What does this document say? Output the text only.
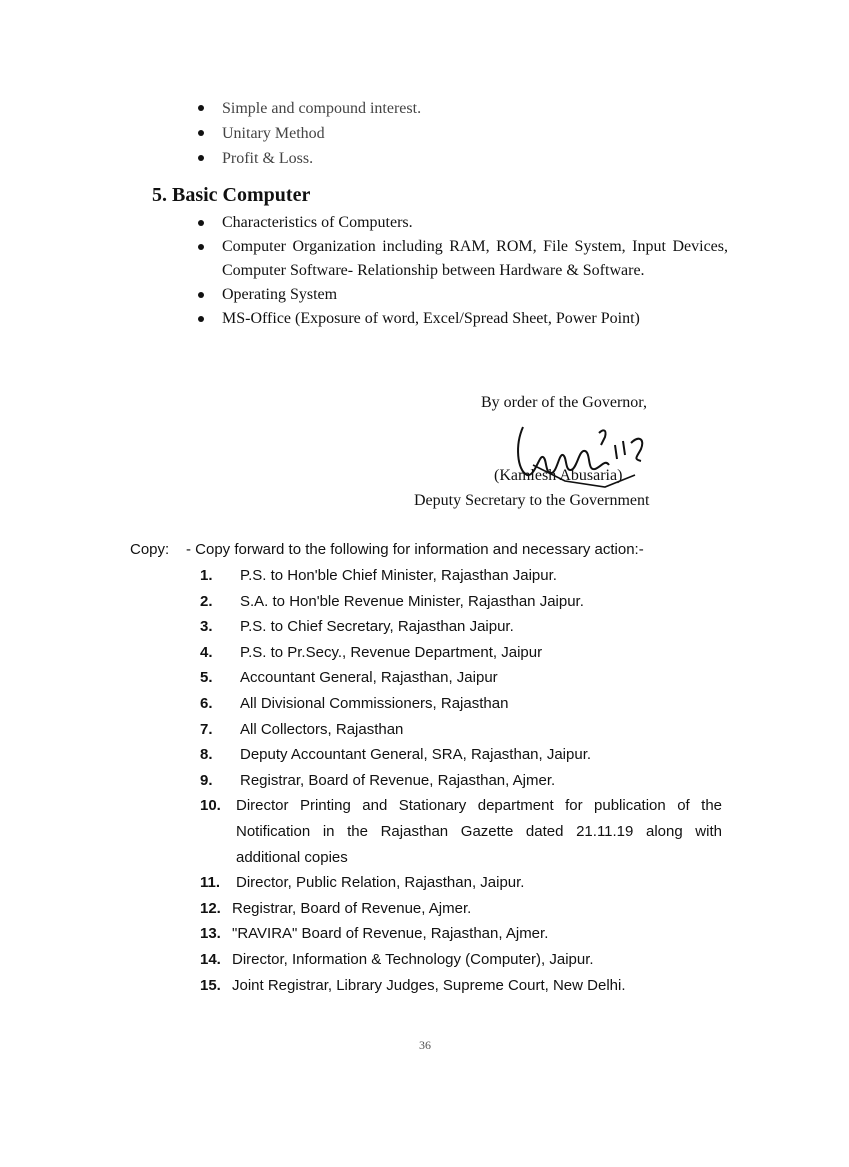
Simple and compound interest.
Unitary Method
Profit & Loss.
5. Basic Computer
Characteristics of Computers.
Computer Organization including RAM, ROM, File System, Input Devices, Computer Software- Relationship between Hardware & Software.
Operating System
MS-Office (Exposure of word, Excel/Spread Sheet, Power Point)
By order of the Governor,
(Kamlesh Abusaria)
Deputy Secretary to the Government
Copy: - Copy forward to the following for information and necessary action:-
1. P.S. to Hon'ble Chief Minister, Rajasthan Jaipur.
2. S.A. to Hon'ble Revenue Minister, Rajasthan Jaipur.
3. P.S. to Chief Secretary, Rajasthan Jaipur.
4. P.S. to Pr.Secy., Revenue Department, Jaipur
5. Accountant General, Rajasthan, Jaipur
6. All Divisional Commissioners, Rajasthan
7. All Collectors, Rajasthan
8. Deputy Accountant General, SRA, Rajasthan, Jaipur.
9. Registrar, Board of Revenue, Rajasthan, Ajmer.
10. Director Printing and Stationary department for publication of the Notification in the Rajasthan Gazette dated 21.11.19 along with additional copies
11. Director, Public Relation, Rajasthan, Jaipur.
12. Registrar, Board of Revenue, Ajmer.
13. "RAVIRA" Board of Revenue, Rajasthan, Ajmer.
14. Director, Information & Technology (Computer), Jaipur.
15. Joint Registrar, Library Judges, Supreme Court, New Delhi.
36
